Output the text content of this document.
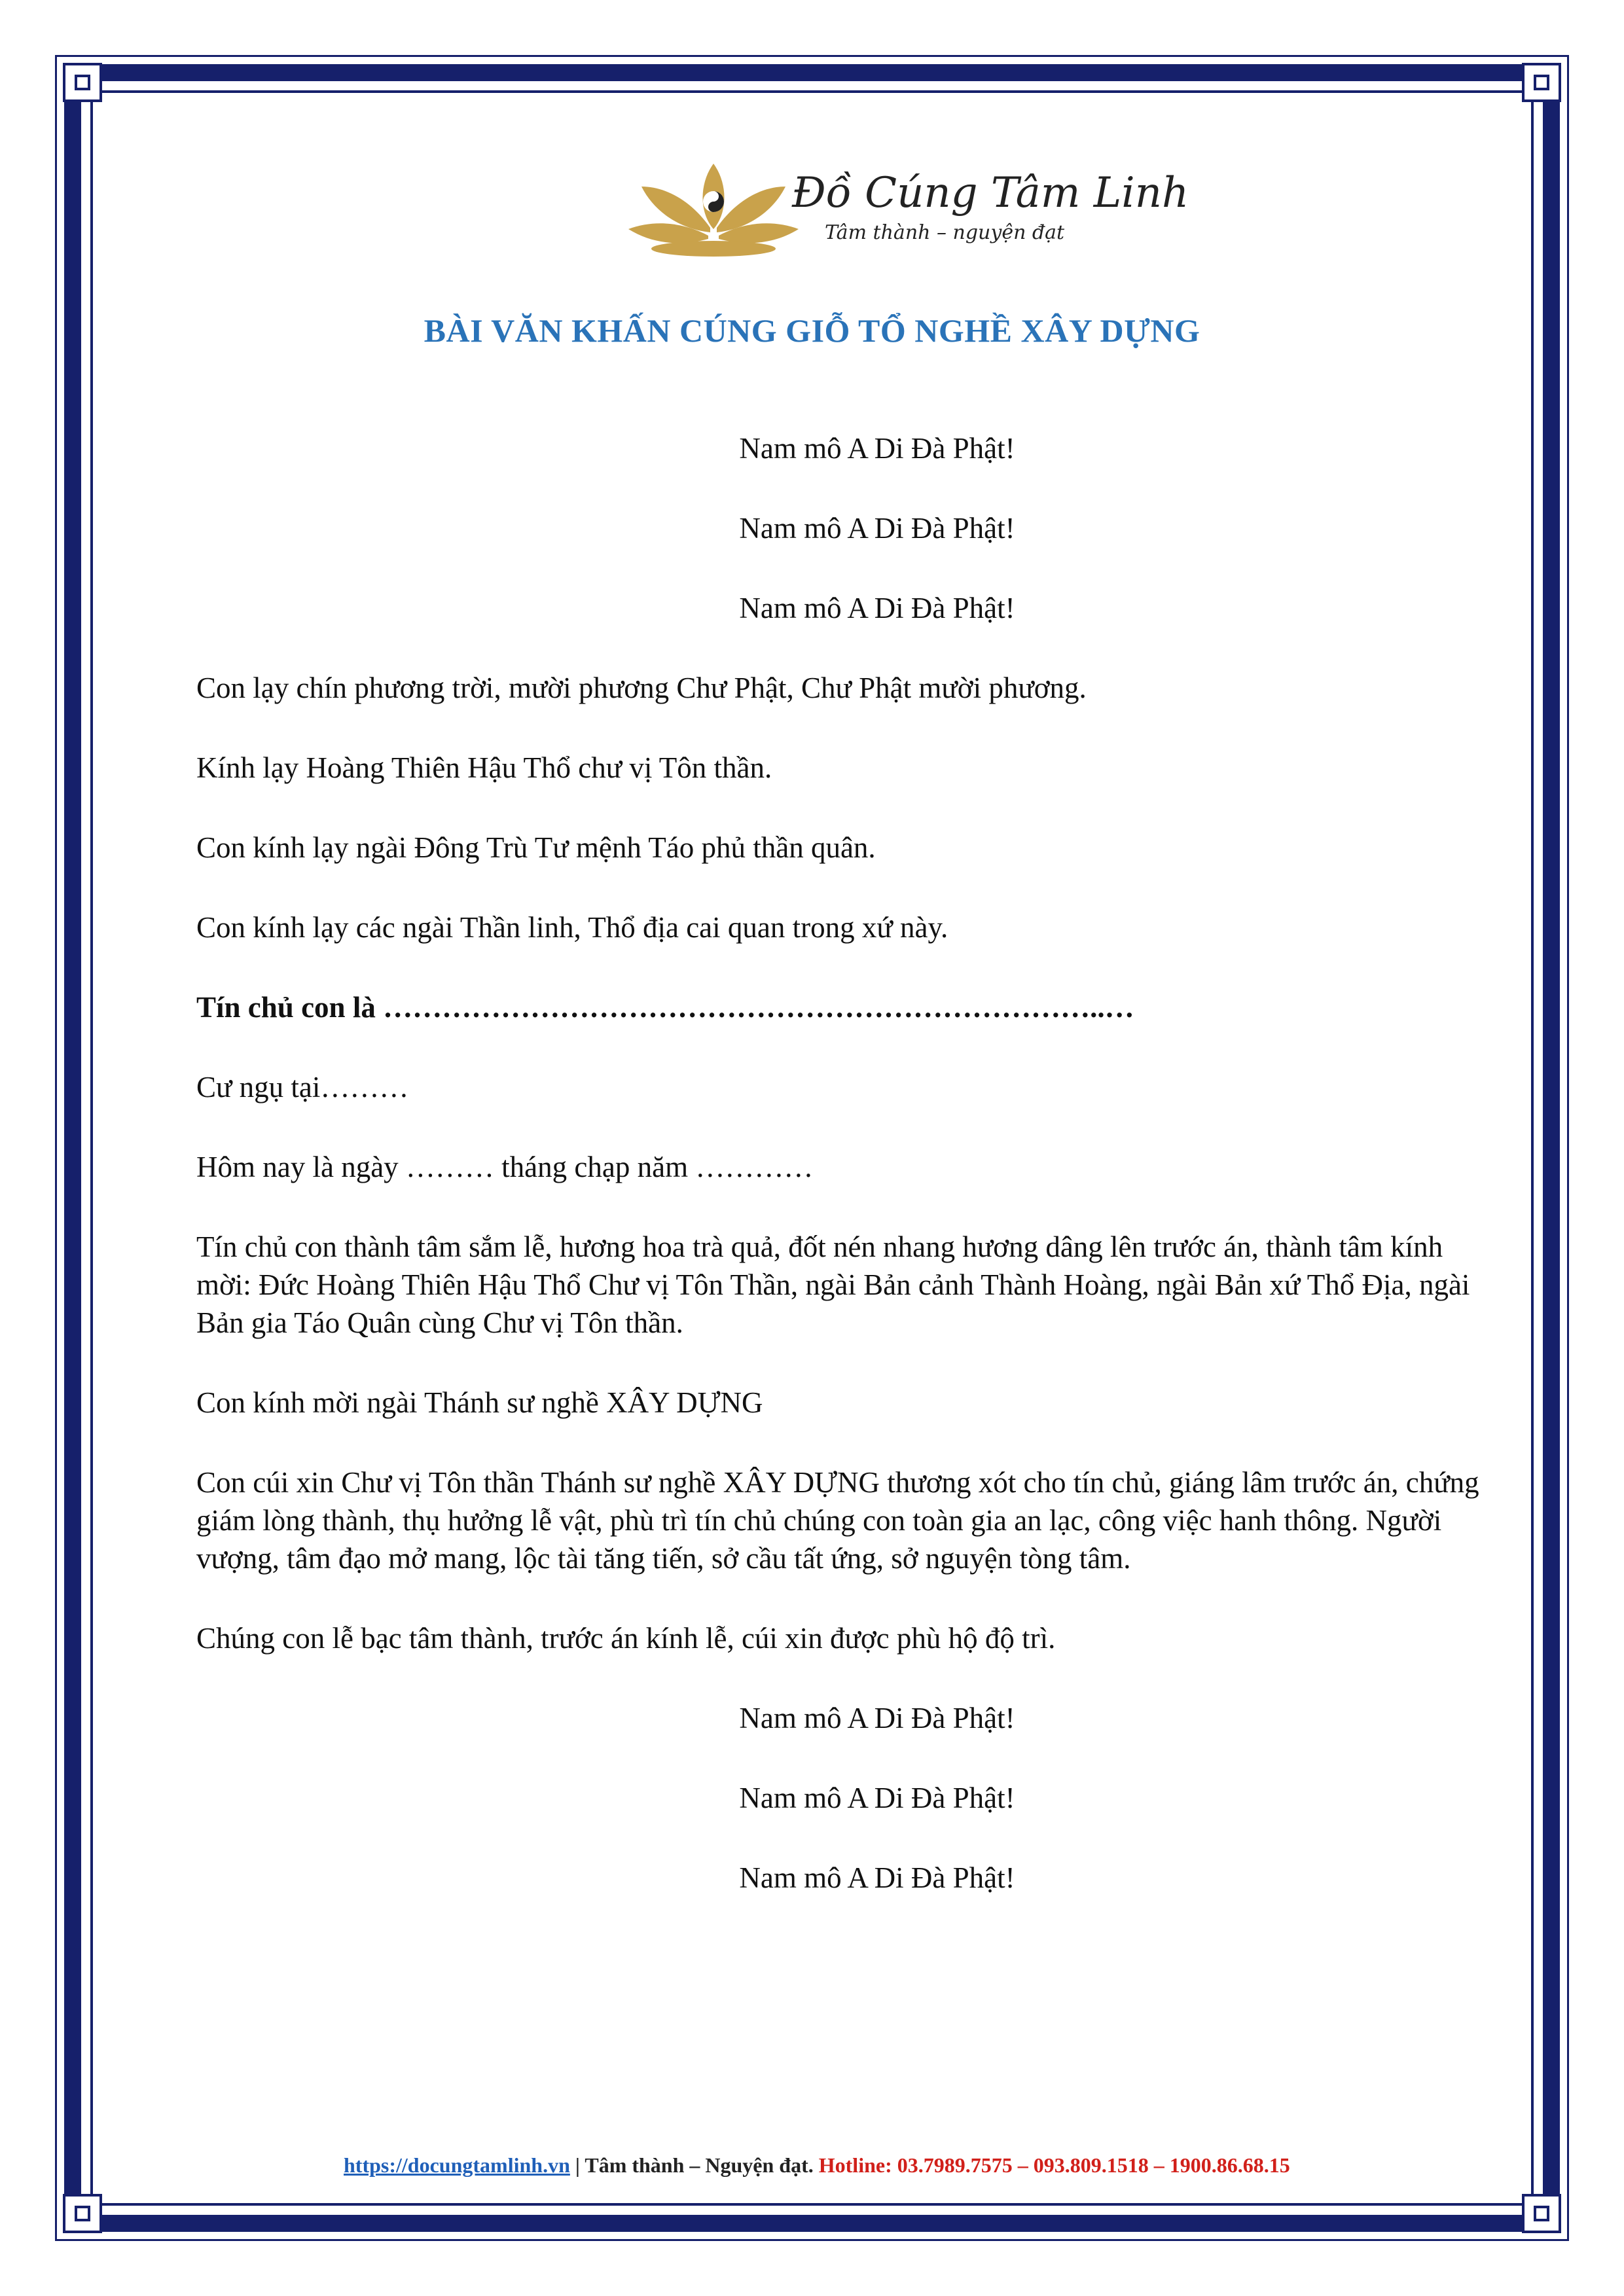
Đồ Cúng Tâm Linh
Tâm thành – nguyện đạt
BÀI VĂN KHẤN CÚNG GIỖ TỔ NGHỀ XÂY DỰNG

Nam mô A Di Đà Phật!

Nam mô A Di Đà Phật!

Nam mô A Di Đà Phật!

Con lạy chín phương trời, mười phương Chư Phật, Chư Phật mười phương.

Kính lạy Hoàng Thiên Hậu Thổ chư vị Tôn thần.

Con kính lạy ngài Đông Trù Tư mệnh Táo phủ thần quân.

Con kính lạy các ngài Thần linh, Thổ địa cai quan trong xứ này.

Tín chủ con là ………………………………………………………………..…

Cư ngụ tại………

Hôm nay là ngày ……… tháng chạp năm …………

Tín chủ con thành tâm sắm lễ, hương hoa trà quả, đốt nén nhang hương dâng lên trước án, thành tâm kính mời: Đức Hoàng Thiên Hậu Thổ Chư vị Tôn Thần, ngài Bản cảnh Thành Hoàng, ngài Bản xứ Thổ Địa, ngài Bản gia Táo Quân cùng Chư vị Tôn thần.

Con kính mời ngài Thánh sư nghề XÂY DỰNG

Con cúi xin Chư vị Tôn thần Thánh sư nghề XÂY DỰNG thương xót cho tín chủ, giáng lâm trước án, chứng giám lòng thành, thụ hưởng lễ vật, phù trì tín chủ chúng con toàn gia an lạc, công việc hanh thông. Người vượng, tâm đạo mở mang, lộc tài tăng tiến, sở cầu tất ứng, sở nguyện tòng tâm.

Chúng con lễ bạc tâm thành, trước án kính lễ, cúi xin được phù hộ độ trì.

Nam mô A Di Đà Phật!

Nam mô A Di Đà Phật!

Nam mô A Di Đà Phật!

https://docungtamlinh.vn | Tâm thành – Nguyện đạt. Hotline: 03.7989.7575 – 093.809.1518 – 1900.86.68.15
